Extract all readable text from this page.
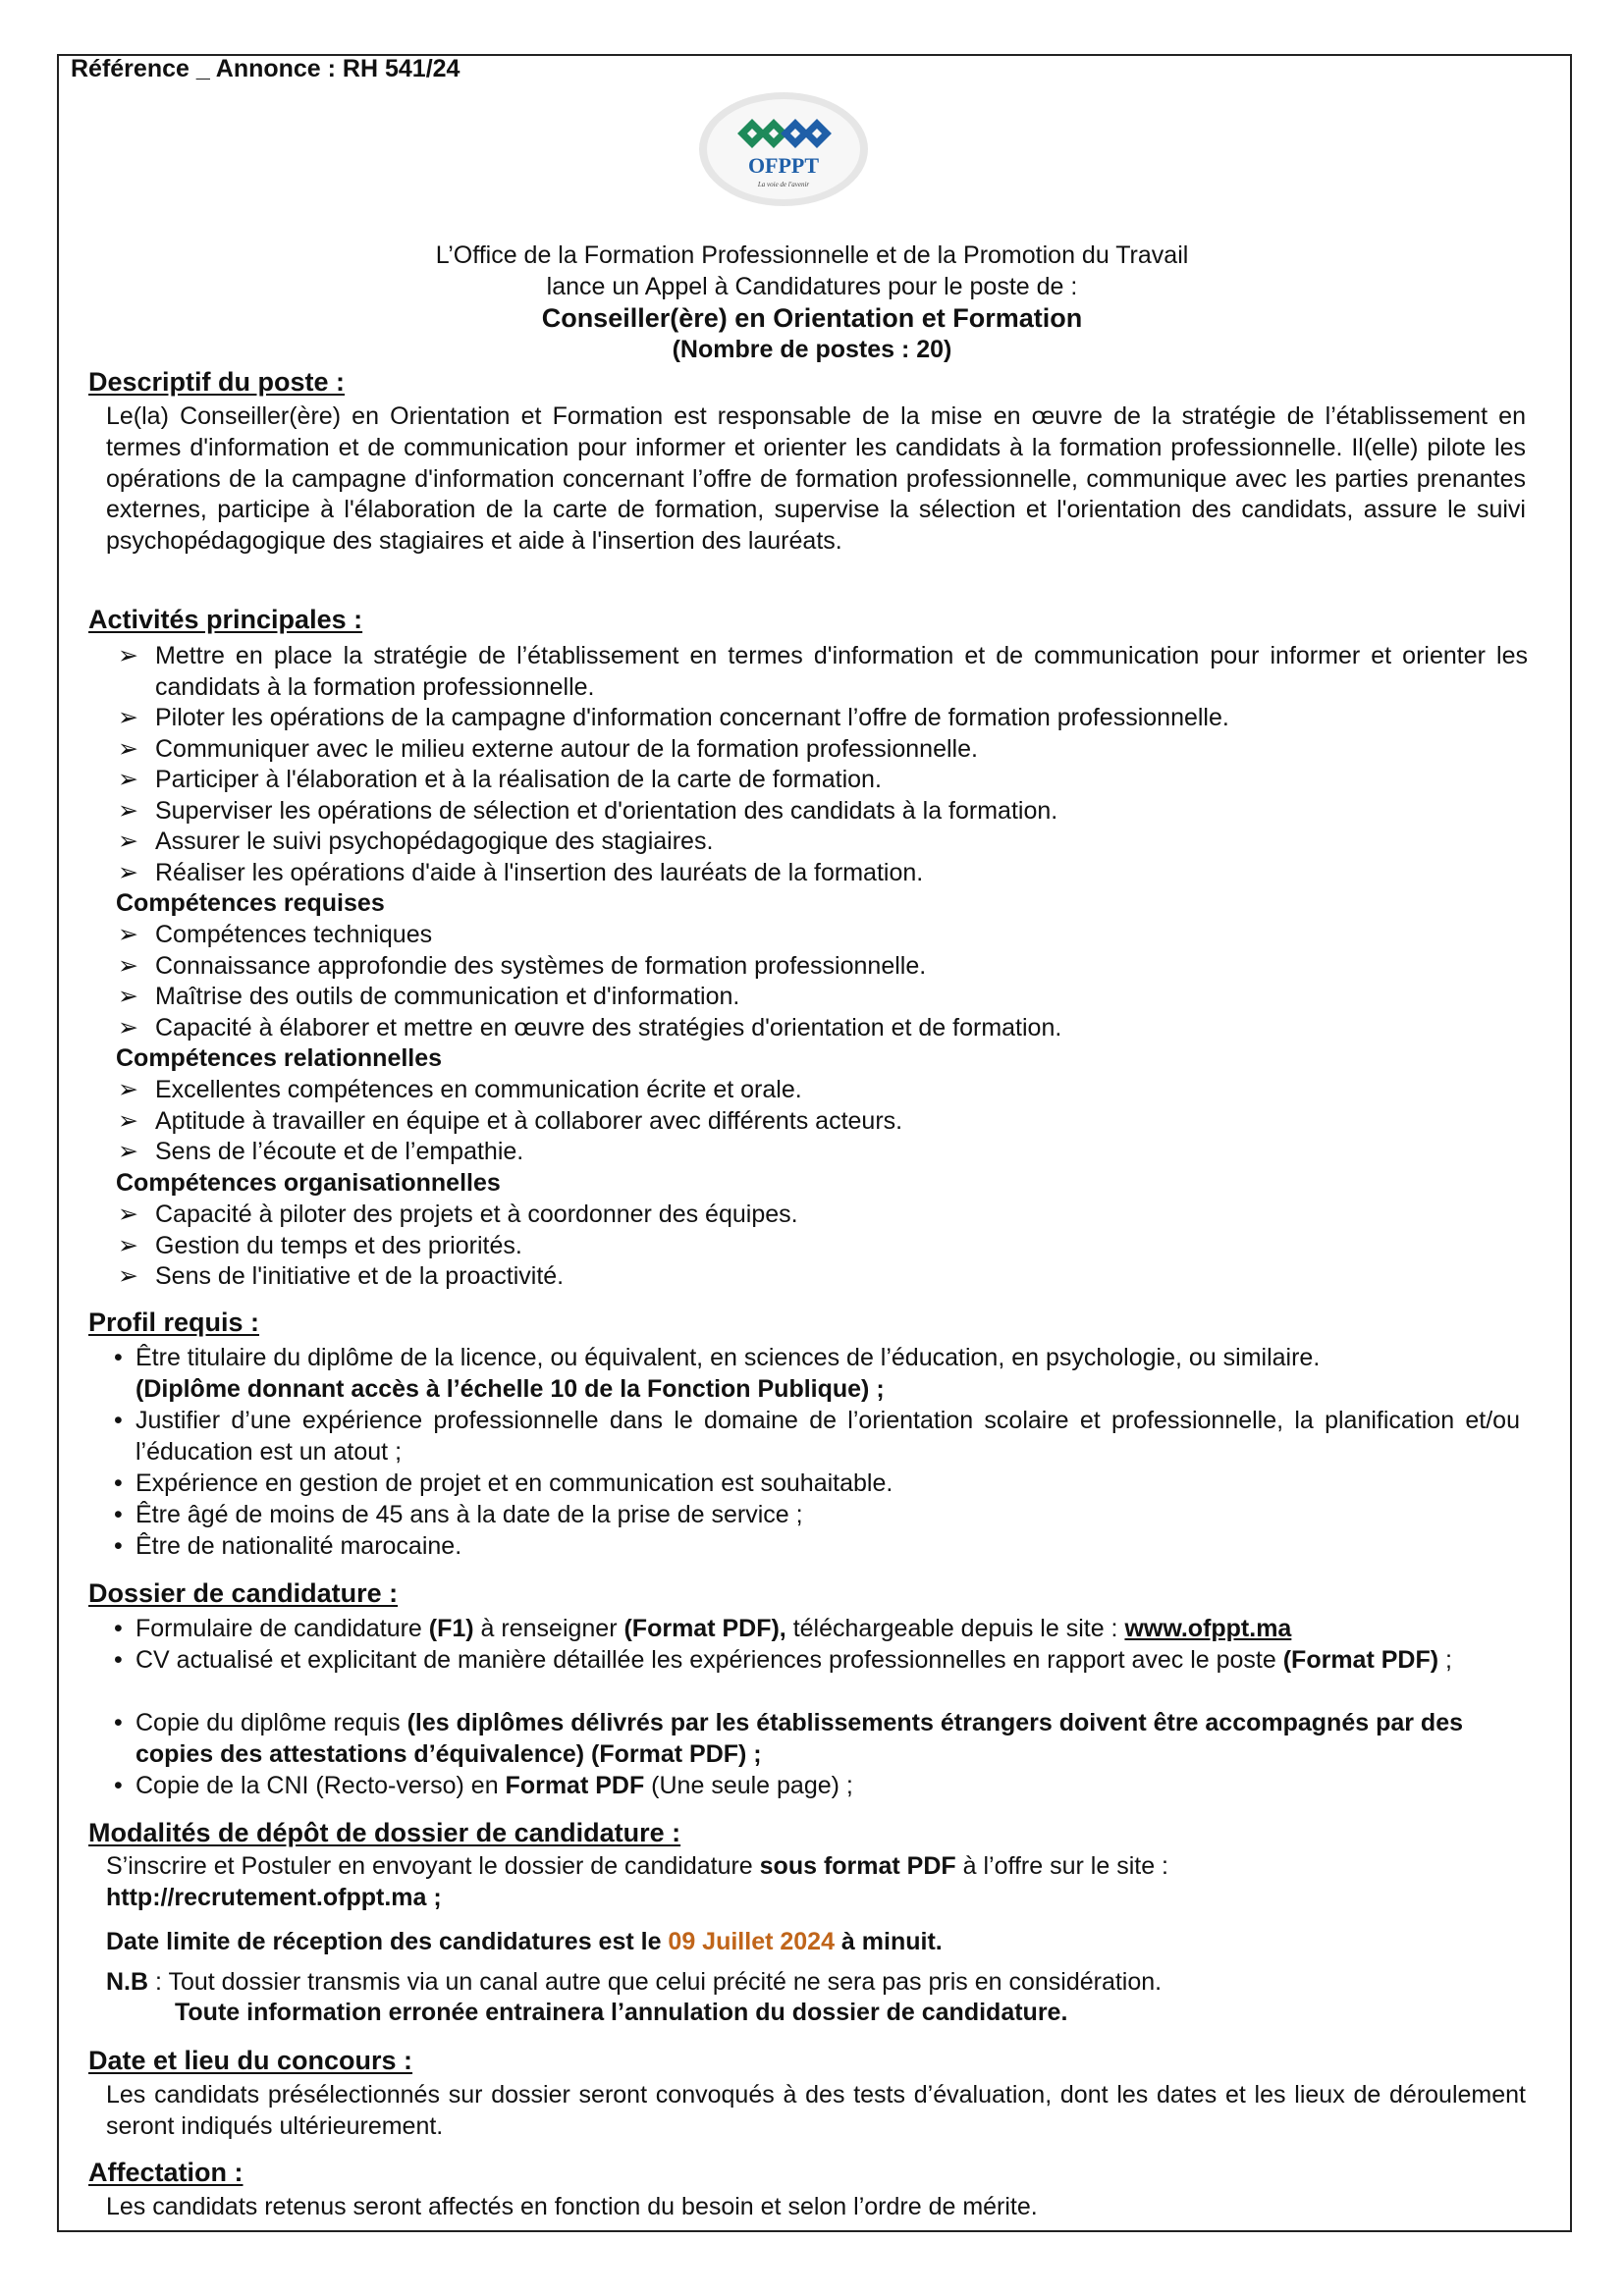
Référence _ Annonce : RH 541/24
OFPPT
La voie de l'avenir
L’Office de la Formation Professionnelle et de la Promotion du Travail
lance un Appel à Candidatures pour le poste de :
Conseiller(ère) en Orientation et Formation
(Nombre de postes : 20)
Descriptif du poste :
Le(la) Conseiller(ère) en Orientation et Formation est responsable de la mise en œuvre de la stratégie de l’établissement en termes d'information et de communication pour informer et orienter les candidats à la formation professionnelle. Il(elle) pilote les opérations de la campagne d'information concernant l’offre de formation professionnelle, communique avec les parties prenantes externes, participe à l'élaboration de la carte de formation, supervise la sélection et l'orientation des candidats, assure le suivi psychopédagogique des stagiaires et aide à l'insertion des lauréats.
Activités principales :
➢ Mettre en place la stratégie de l’établissement en termes d'information et de communication pour informer et orienter les candidats à la formation professionnelle.
➢ Piloter les opérations de la campagne d'information concernant l’offre de formation professionnelle.
➢ Communiquer avec le milieu externe autour de la formation professionnelle.
➢ Participer à l'élaboration et à la réalisation de la carte de formation.
➢ Superviser les opérations de sélection et d'orientation des candidats à la formation.
➢ Assurer le suivi psychopédagogique des stagiaires.
➢ Réaliser les opérations d'aide à l'insertion des lauréats de la formation.
Compétences requises
➢ Compétences techniques
➢ Connaissance approfondie des systèmes de formation professionnelle.
➢ Maîtrise des outils de communication et d'information.
➢ Capacité à élaborer et mettre en œuvre des stratégies d'orientation et de formation.
Compétences relationnelles
➢ Excellentes compétences en communication écrite et orale.
➢ Aptitude à travailler en équipe et à collaborer avec différents acteurs.
➢ Sens de l’écoute et de l’empathie.
Compétences organisationnelles
➢ Capacité à piloter des projets et à coordonner des équipes.
➢ Gestion du temps et des priorités.
➢ Sens de l'initiative et de la proactivité.
Profil requis :
• Être titulaire du diplôme de la licence, ou équivalent, en sciences de l’éducation, en psychologie, ou similaire.
(Diplôme donnant accès à l’échelle 10 de la Fonction Publique) ;
• Justifier d’une expérience professionnelle dans le domaine de l’orientation scolaire et professionnelle, la planification et/ou l’éducation est un atout ;
• Expérience en gestion de projet et en communication est souhaitable.
• Être âgé de moins de 45 ans à la date de la prise de service ;
• Être de nationalité marocaine.
Dossier de candidature :
• Formulaire de candidature (F1) à renseigner (Format PDF), téléchargeable depuis le site : www.ofppt.ma
• CV actualisé et explicitant de manière détaillée les expériences professionnelles en rapport avec le poste (Format PDF) ;
• Copie du diplôme requis (les diplômes délivrés par les établissements étrangers doivent être accompagnés par des copies des attestations d’équivalence) (Format PDF) ;
• Copie de la CNI (Recto-verso) en Format PDF (Une seule page) ;
Modalités de dépôt de dossier de candidature :
S’inscrire et Postuler en envoyant le dossier de candidature sous format PDF à l’offre sur le site :
http://recrutement.ofppt.ma ;
Date limite de réception des candidatures est le 09 Juillet 2024 à minuit.
N.B : Tout dossier transmis via un canal autre que celui précité ne sera pas pris en considération.
Toute information erronée entrainera l’annulation du dossier de candidature.
Date et lieu du concours :
Les candidats présélectionnés sur dossier seront convoqués à des tests d’évaluation, dont les dates et les lieux de déroulement seront indiqués ultérieurement.
Affectation :
Les candidats retenus seront affectés en fonction du besoin et selon l’ordre de mérite.
